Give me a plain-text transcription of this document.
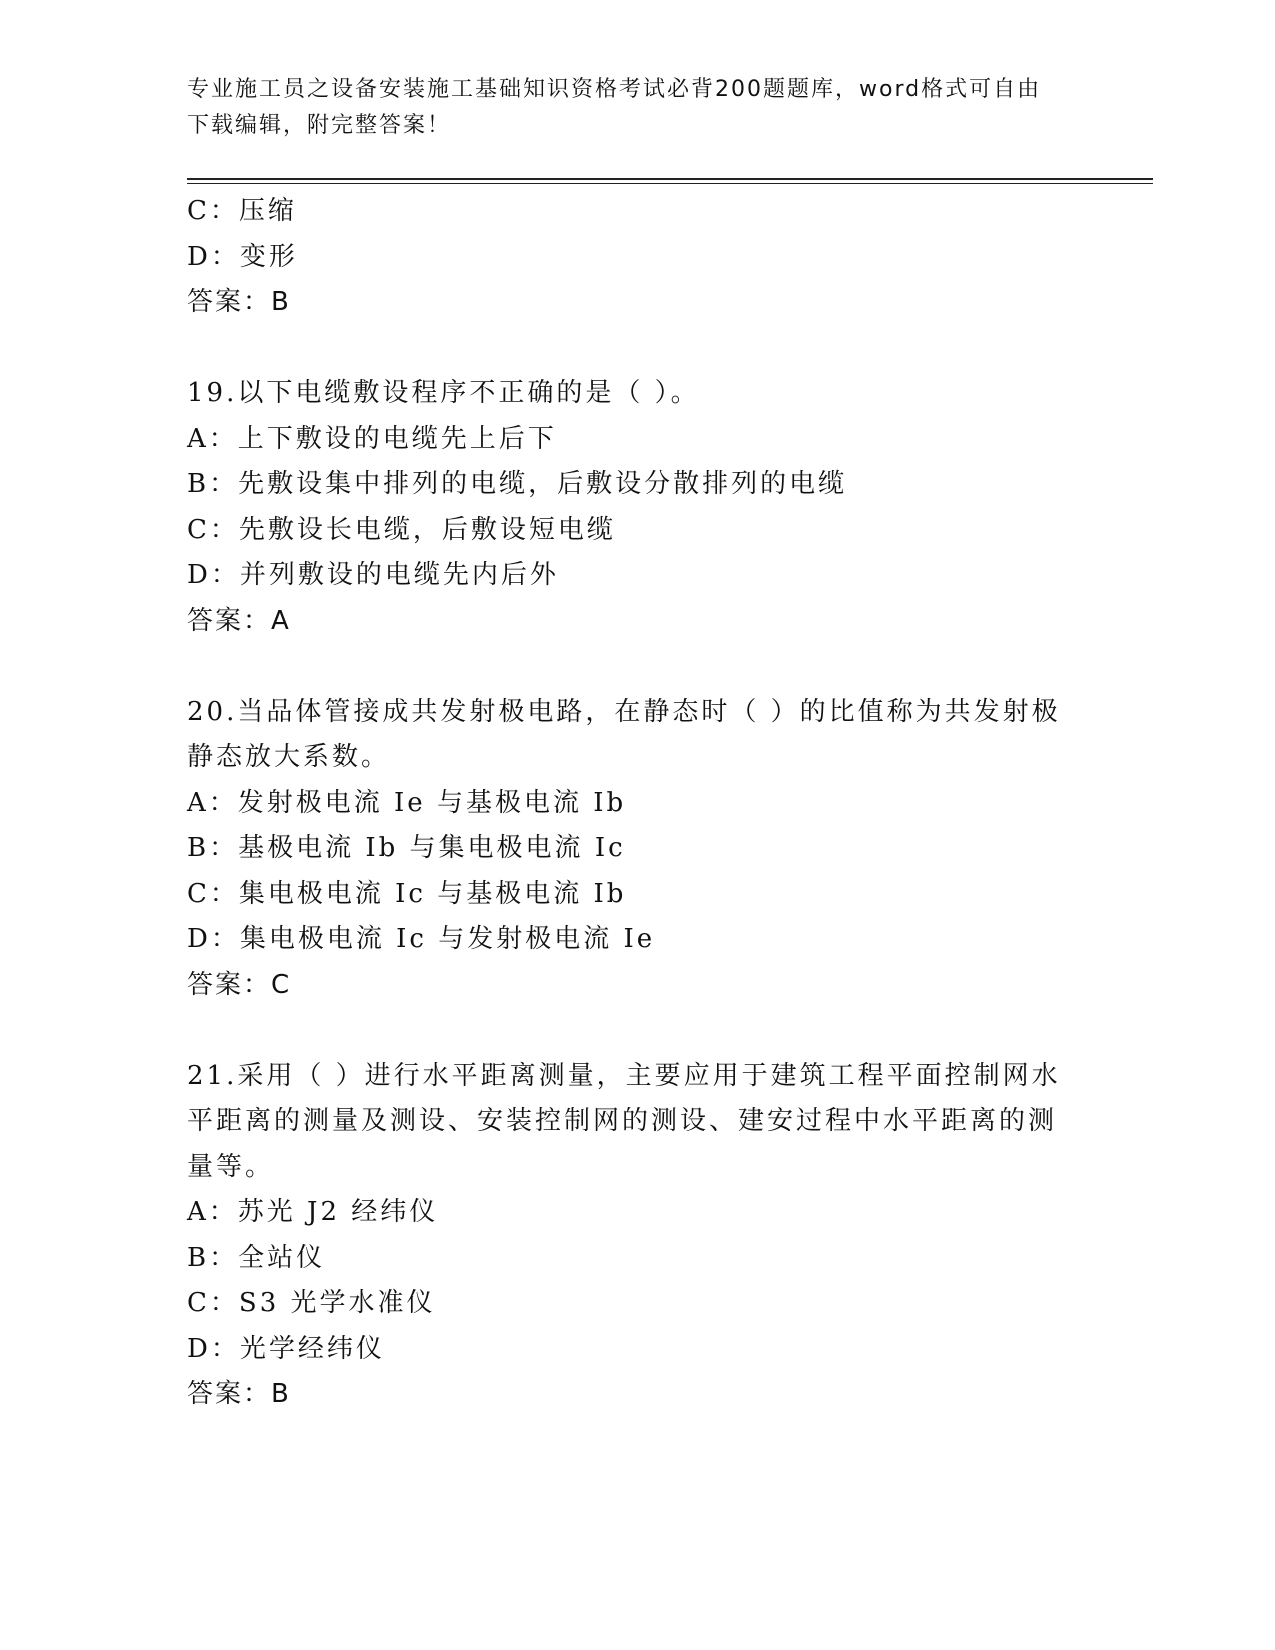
专业施工员之设备安装施工基础知识资格考试必背200题题库，word格式可自由
下载编辑，附完整答案！
C：压缩
D：变形
答案：B
19.以下电缆敷设程序不正确的是（ ）。
A：上下敷设的电缆先上后下
B：先敷设集中排列的电缆，后敷设分散排列的电缆
C：先敷设长电缆，后敷设短电缆
D：并列敷设的电缆先内后外
答案：A
20.当品体管接成共发射极电路，在静态时（ ）的比值称为共发射极
静态放大系数。
A：发射极电流 Ie 与基极电流 Ib
B：基极电流 Ib 与集电极电流 Ic
C：集电极电流 Ic 与基极电流 Ib
D：集电极电流 Ic 与发射极电流 Ie
答案：C
21.采用（ ）进行水平距离测量，主要应用于建筑工程平面控制网水
平距离的测量及测设、安装控制网的测设、建安过程中水平距离的测
量等。
A：苏光 J2 经纬仪
B：全站仪
C：S3 光学水准仪
D：光学经纬仪
答案：B
